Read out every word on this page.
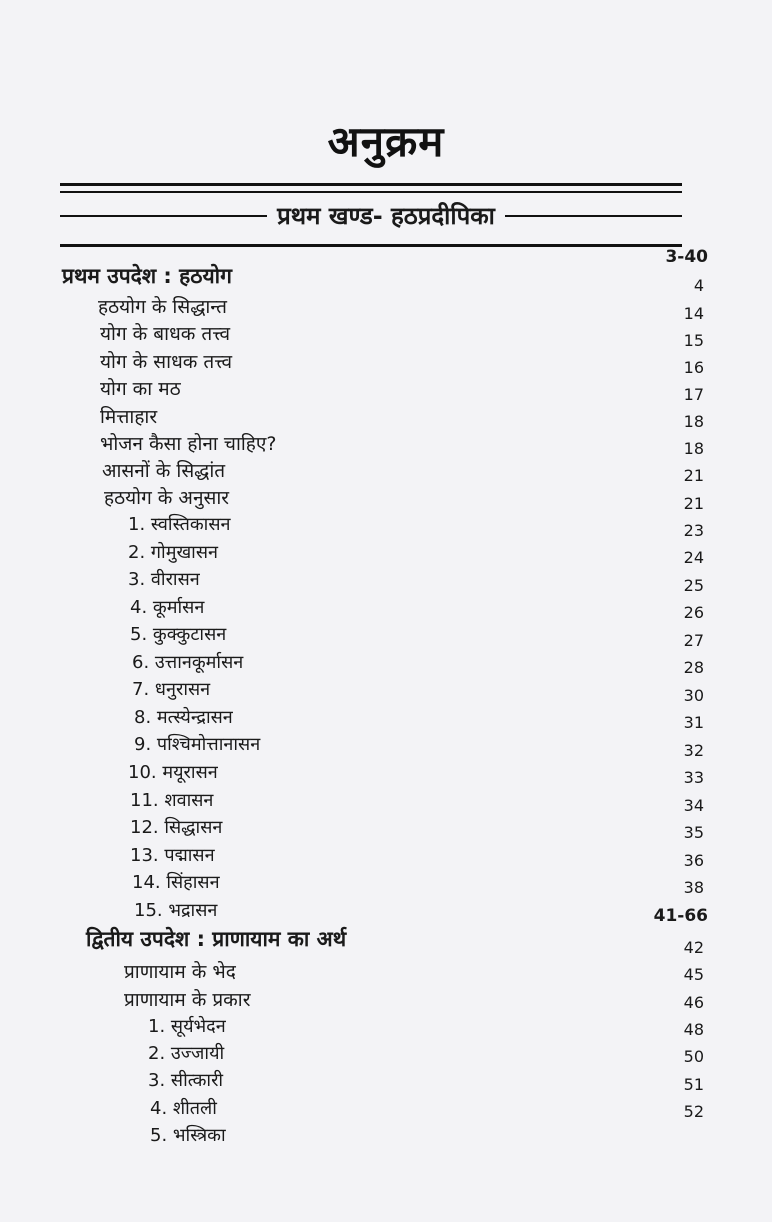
अनुक्रम
प्रथम खण्ड- हठप्रदीपिका
प्रथम उपदेश : हठयोग
3-40
हठयोग के सिद्धान्त
4
योग के बाधक तत्त्व
14
योग के साधक तत्त्व
15
योग का मठ
16
मित्ताहार
17
भोजन कैसा होना चाहिए?
18
आसनों के सिद्धांत
18
हठयोग के अनुसार
21
1. स्वस्तिकासन
21
2. गोमुखासन
23
3. वीरासन
24
4. कूर्मासन
25
5. कुक्कुटासन
26
6. उत्तानकूर्मासन
27
7. धनुरासन
28
8. मत्स्येन्द्रासन
30
9. पश्चिमोत्तानासन
31
10. मयूरासन
32
11. शवासन
33
12. सिद्धासन
34
13. पद्मासन
35
14. सिंहासन
36
15. भद्रासन
38
द्वितीय उपदेश : प्राणायाम का अर्थ
41-66
प्राणायाम के भेद
42
प्राणायाम के प्रकार
45
1. सूर्यभेदन
46
2. उज्जायी
48
3. सीत्कारी
50
4. शीतली
51
5. भस्त्रिका
52
